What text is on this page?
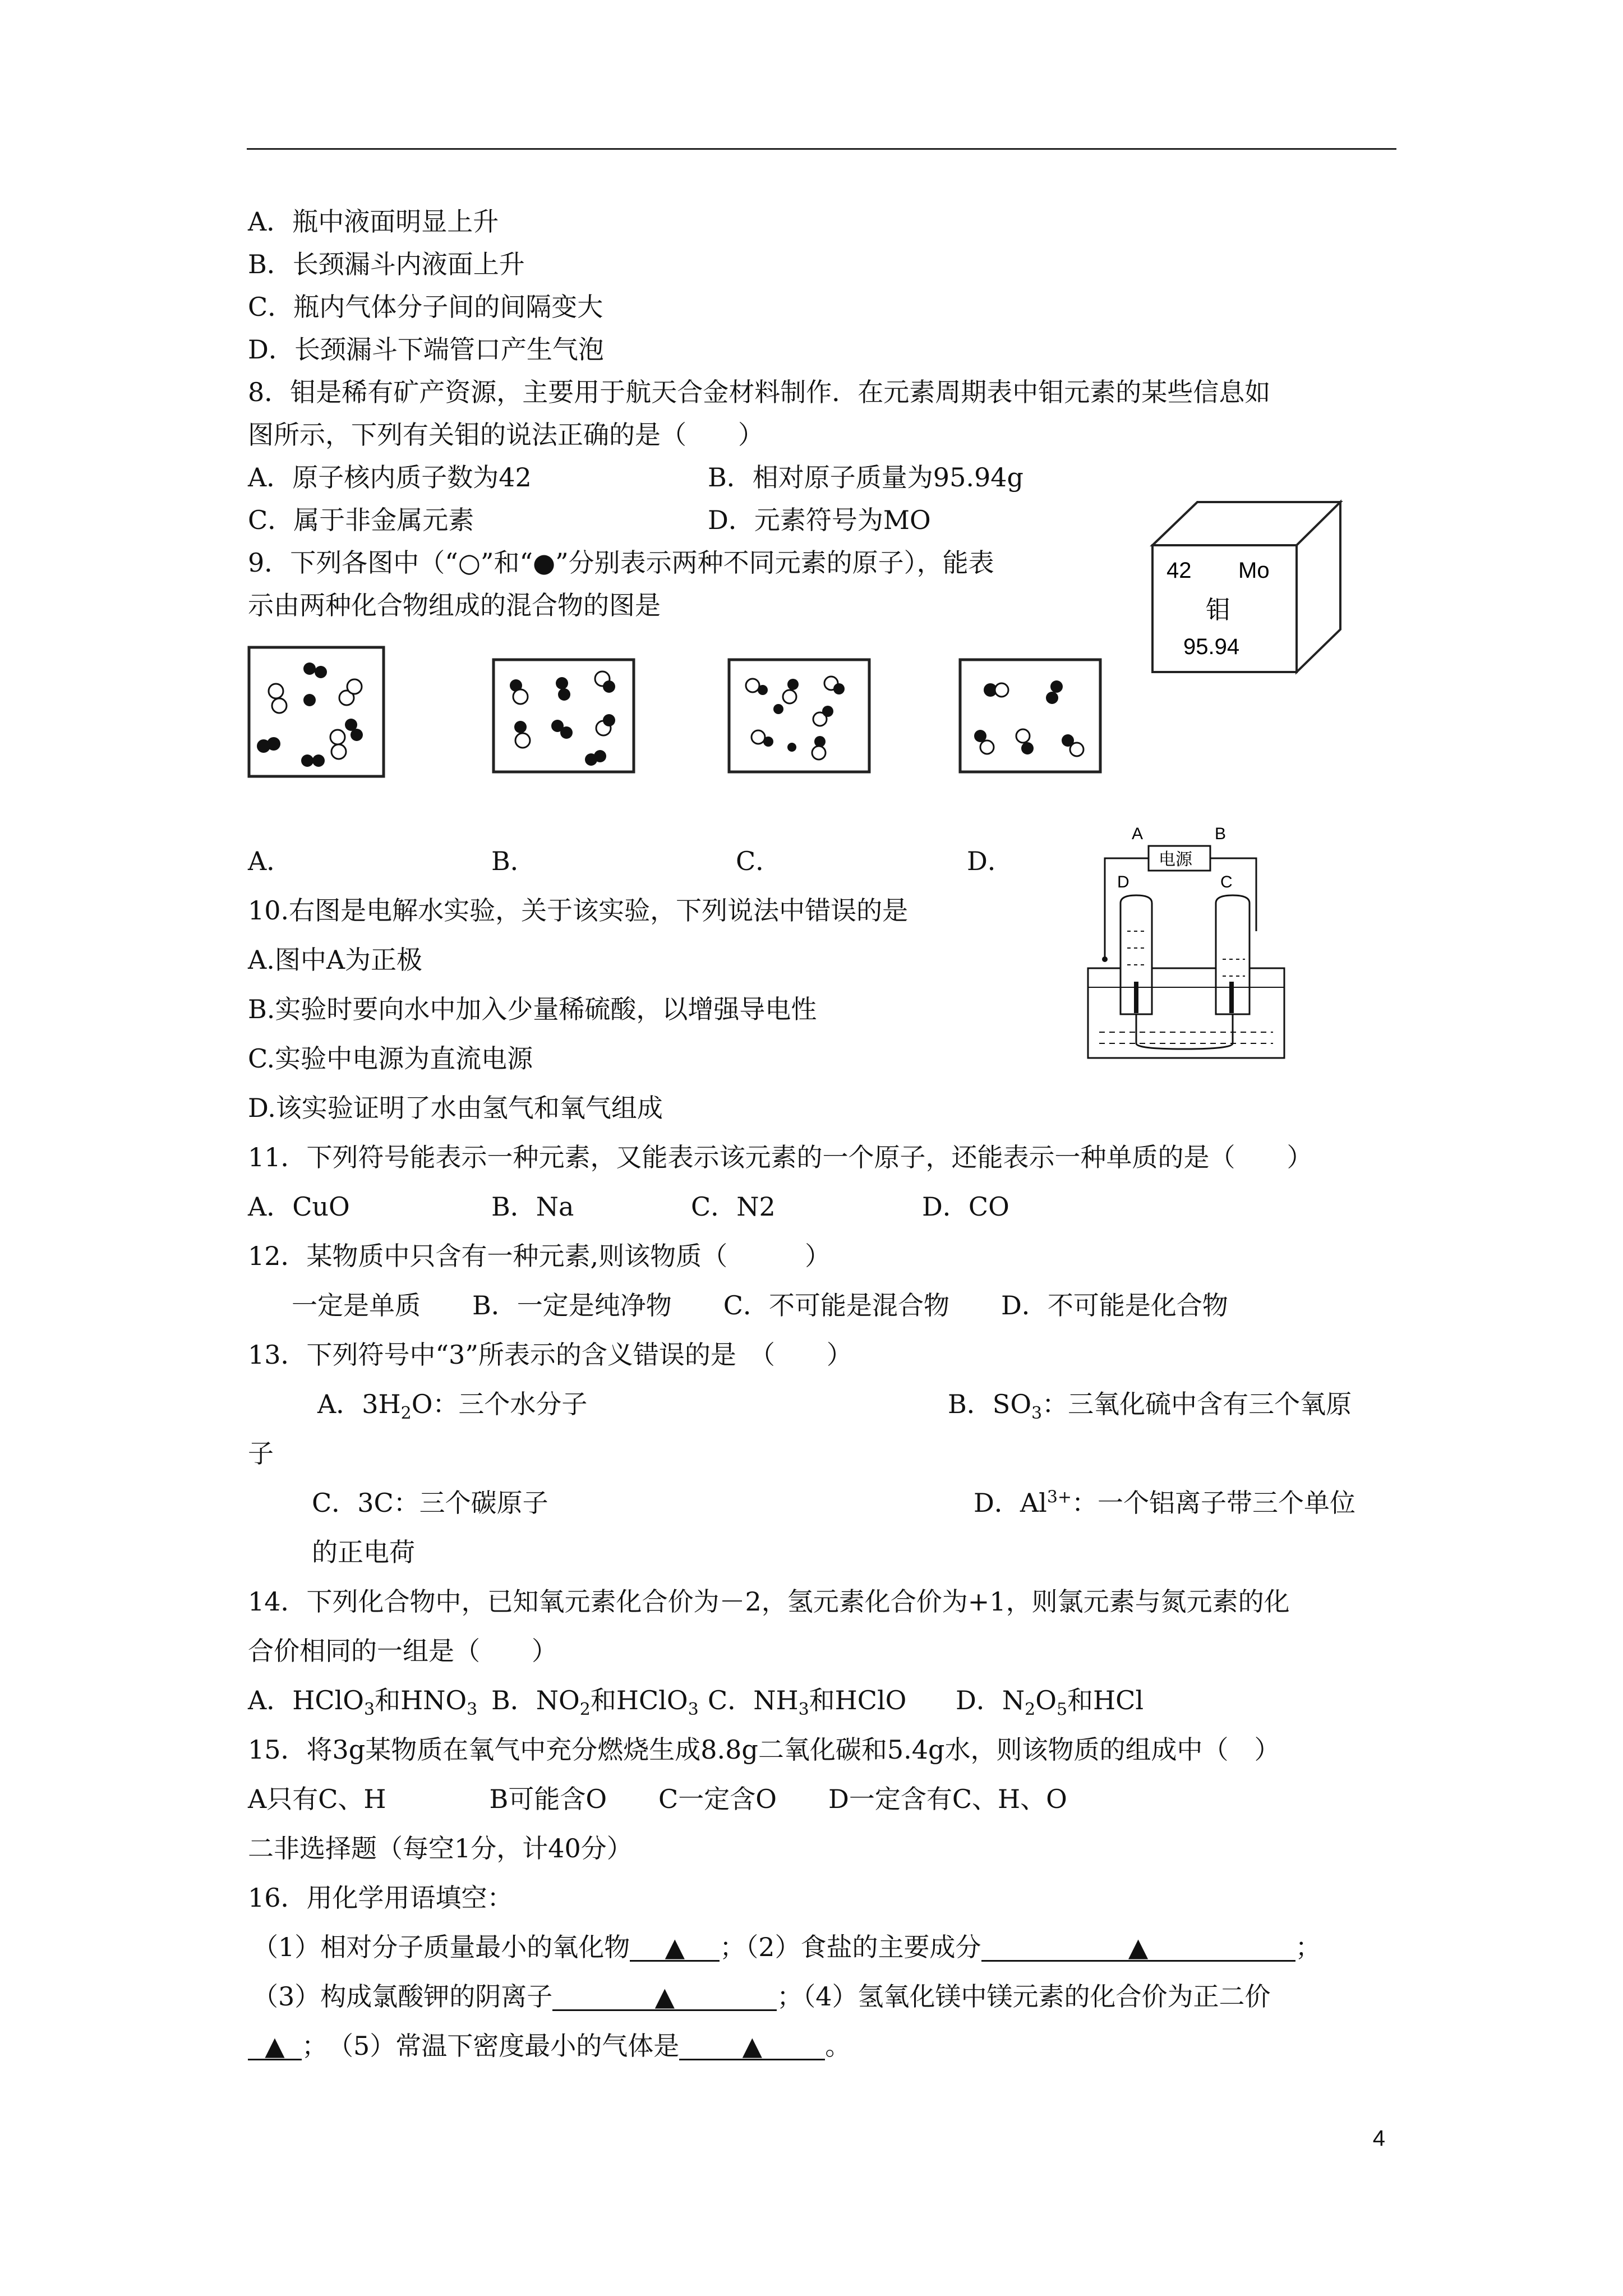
A．瓶中液面明显上升
B．长颈漏斗内液面上升
C．瓶内气体分子间的间隔变大
D．长颈漏斗下端管口产生气泡
8．钼是稀有矿产资源，主要用于航天合金材料制作．在元素周期表中钼元素的某些信息如
图所示，下列有关钼的说法正确的是（　　）
A．原子核内质子数为42	B．相对原子质量为95.94g
C．属于非金属元素	D．元素符号为MO
42 Mo
钼
95.94
9．下列各图中（“○”和“●”分别表示两种不同元素的原子），能表
示由两种化合物组成的混合物的图是
A．	B．	C．	D．
A	B
电源
D	C
10.右图是电解水实验，关于该实验，下列说法中错误的是
A.图中A为正极
B.实验时要向水中加入少量稀硫酸，以增强导电性
C.实验中电源为直流电源
D.该实验证明了水由氢气和氧气组成
11．下列符号能表示一种元素，又能表示该元素的一个原子，还能表示一种单质的是（　　）
A．CuO	B．Na	C．N2	D．CO
12．某物质中只含有一种元素,则该物质（　　　）
一定是单质　　B．一定是纯净物　　C．不可能是混合物　　D．不可能是化合物
13．下列符号中“3”所表示的含义错误的是　（　　）
A．$3H_2O$：三个水分子	B．$SO_3$：三氧化硫中含有三个氧原
子
C．3C：三个碳原子	D．$Al^{3+}$：一个铝离子带三个单位
的正电荷
14．下列化合物中，已知氧元素化合价为－2，氢元素化合价为+1，则氯元素与氮元素的化
合价相同的一组是（　　）
A．HClO$_3$和$HNO_3$ B．$NO_2$和HClO$_3$ C．$NH_3$和HClO D．$N_2O_5$和HCl
15．将3g某物质在氧气中充分燃烧生成8.8g二氧化碳和5.4g水，则该物质的组成中（　）
A只有C、H　　　　B可能含O　　C一定含O　　D一定含有C、H、O
二非选择题（每空1分，计40分）
16．用化学用语填空：
（1）相对分子质量最小的氧化物 ▲ ；（2）食盐的主要成分	▲	；
（3）构成氯酸钾的阴离子	▲	；（4）氢氧化镁中镁元素的化合价为正二价
▲ ；　（5）常温下密度最小的气体是 ▲ 。
4
